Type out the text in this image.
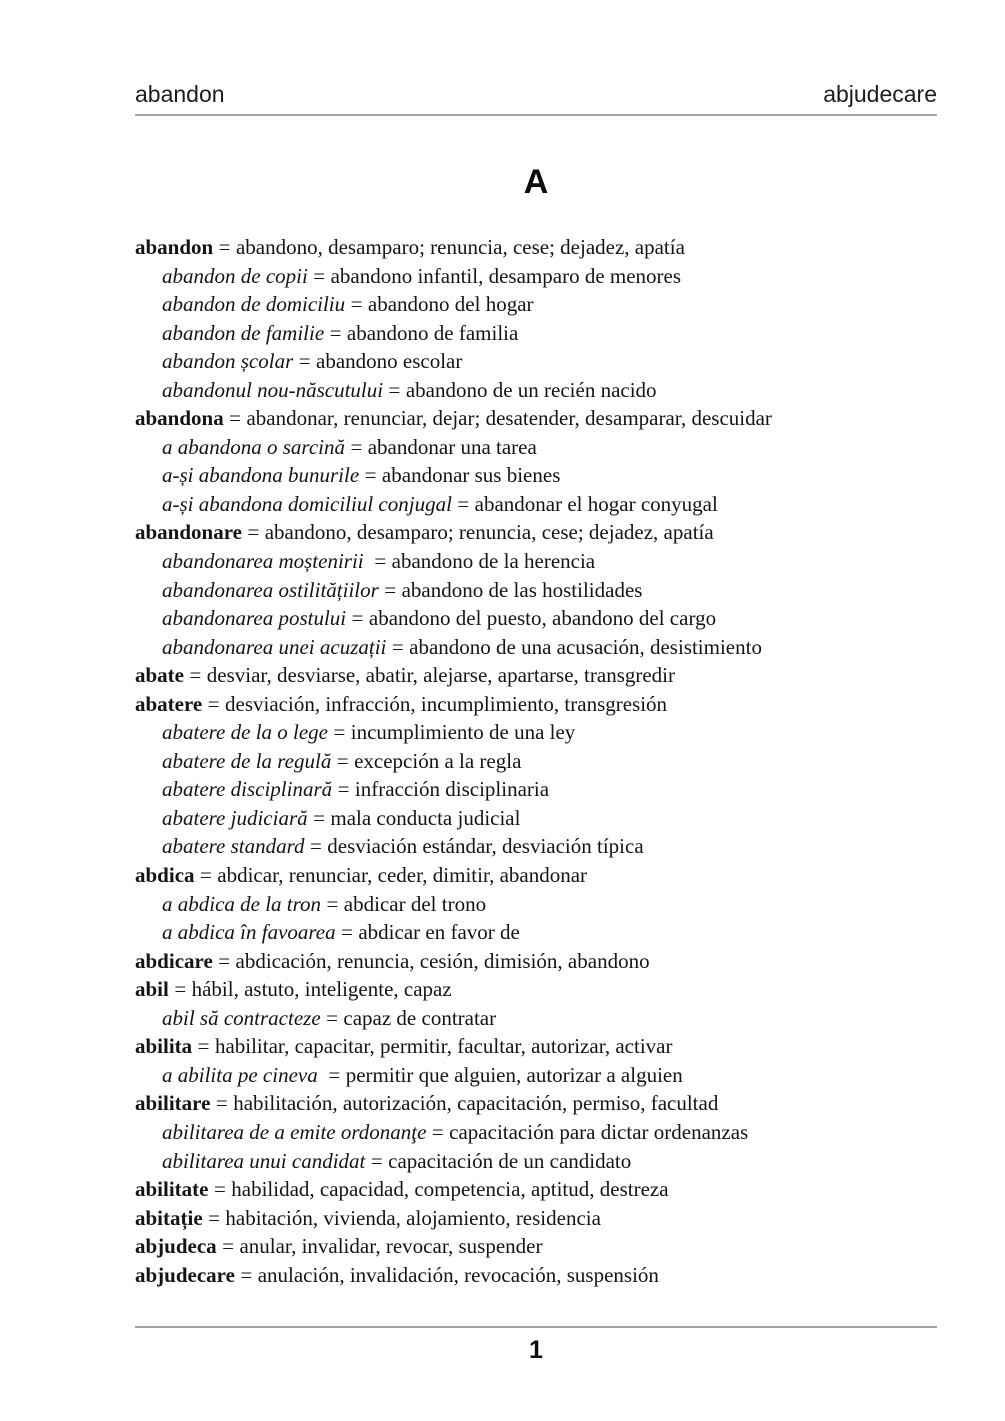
abandon	abjudecare
A
abandon = abandono, desamparo; renuncia, cese; dejadez, apatía
abandon de copii = abandono infantil, desamparo de menores
abandon de domiciliu = abandono del hogar
abandon de familie = abandono de familia
abandon școlar = abandono escolar
abandonul nou-născutului = abandono de un recién nacido
abandona = abandonar, renunciar, dejar; desatender, desamparar, descuidar
a abandona o sarcină = abandonar una tarea
a-și abandona bunurile = abandonar sus bienes
a-și abandona domiciliul conjugal = abandonar el hogar conyugal
abandonare = abandono, desamparo; renuncia, cese; dejadez, apatía
abandonarea moștenirii = abandono de la herencia
abandonarea ostilitățiilor = abandono de las hostilidades
abandonarea postului = abandono del puesto, abandono del cargo
abandonarea unei acuzații = abandono de una acusación, desistimiento
abate = desviar, desviarse, abatir, alejarse, apartarse, transgredir
abatere = desviación, infracción, incumplimiento, transgresión
abatere de la o lege = incumplimiento de una ley
abatere de la regulă = excepción a la regla
abatere disciplinară = infracción disciplinaria
abatere judiciară = mala conducta judicial
abatere standard = desviación estándar, desviación típica
abdica = abdicar, renunciar, ceder, dimitir, abandonar
a abdica de la tron = abdicar del trono
a abdica în favoarea = abdicar en favor de
abdicare = abdicación, renuncia, cesión, dimisión, abandono
abil = hábil, astuto, inteligente, capaz
abil să contracteze = capaz de contratar
abilita = habilitar, capacitar, permitir, facultar, autorizar, activar
a abilita pe cineva = permitir que alguien, autorizar a alguien
abilitare = habilitación, autorización, capacitación, permiso, facultad
abilitarea de a emite ordonanţe = capacitación para dictar ordenanzas
abilitarea unui candidat = capacitación de un candidato
abilitate = habilidad, capacidad, competencia, aptitud, destreza
abitație = habitación, vivienda, alojamiento, residencia
abjudeca = anular, invalidar, revocar, suspender
abjudecare = anulación, invalidación, revocación, suspensión
1
